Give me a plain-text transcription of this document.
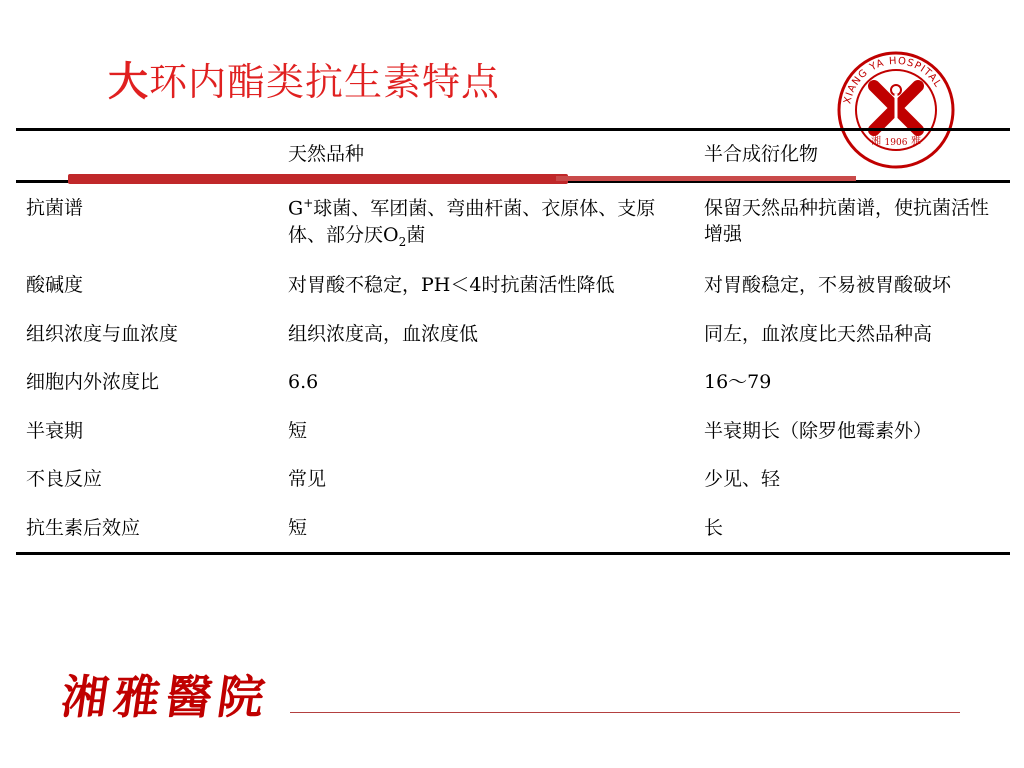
大环内酯类抗生素特点	XIANG YA HOSPITAL
1906
湘	雅
	天然品种	半合成衍化物
抗菌谱	G+球菌、军团菌、弯曲杆菌、衣原体、支原体、部分厌$O_2$菌	保留天然品种抗菌谱，使抗菌活性增强
酸碱度	对胃酸不稳定，PH＜4时抗菌活性降低	对胃酸稳定，不易被胃酸破坏
组织浓度与血浓度	组织浓度高，血浓度低	同左，血浓度比天然品种高
细胞内外浓度比	6.6	16～79
半衰期	短	半衰期长（除罗他霉素外）
不良反应	常见	少见、轻
抗生素后效应	短	长
湘雅醫院
